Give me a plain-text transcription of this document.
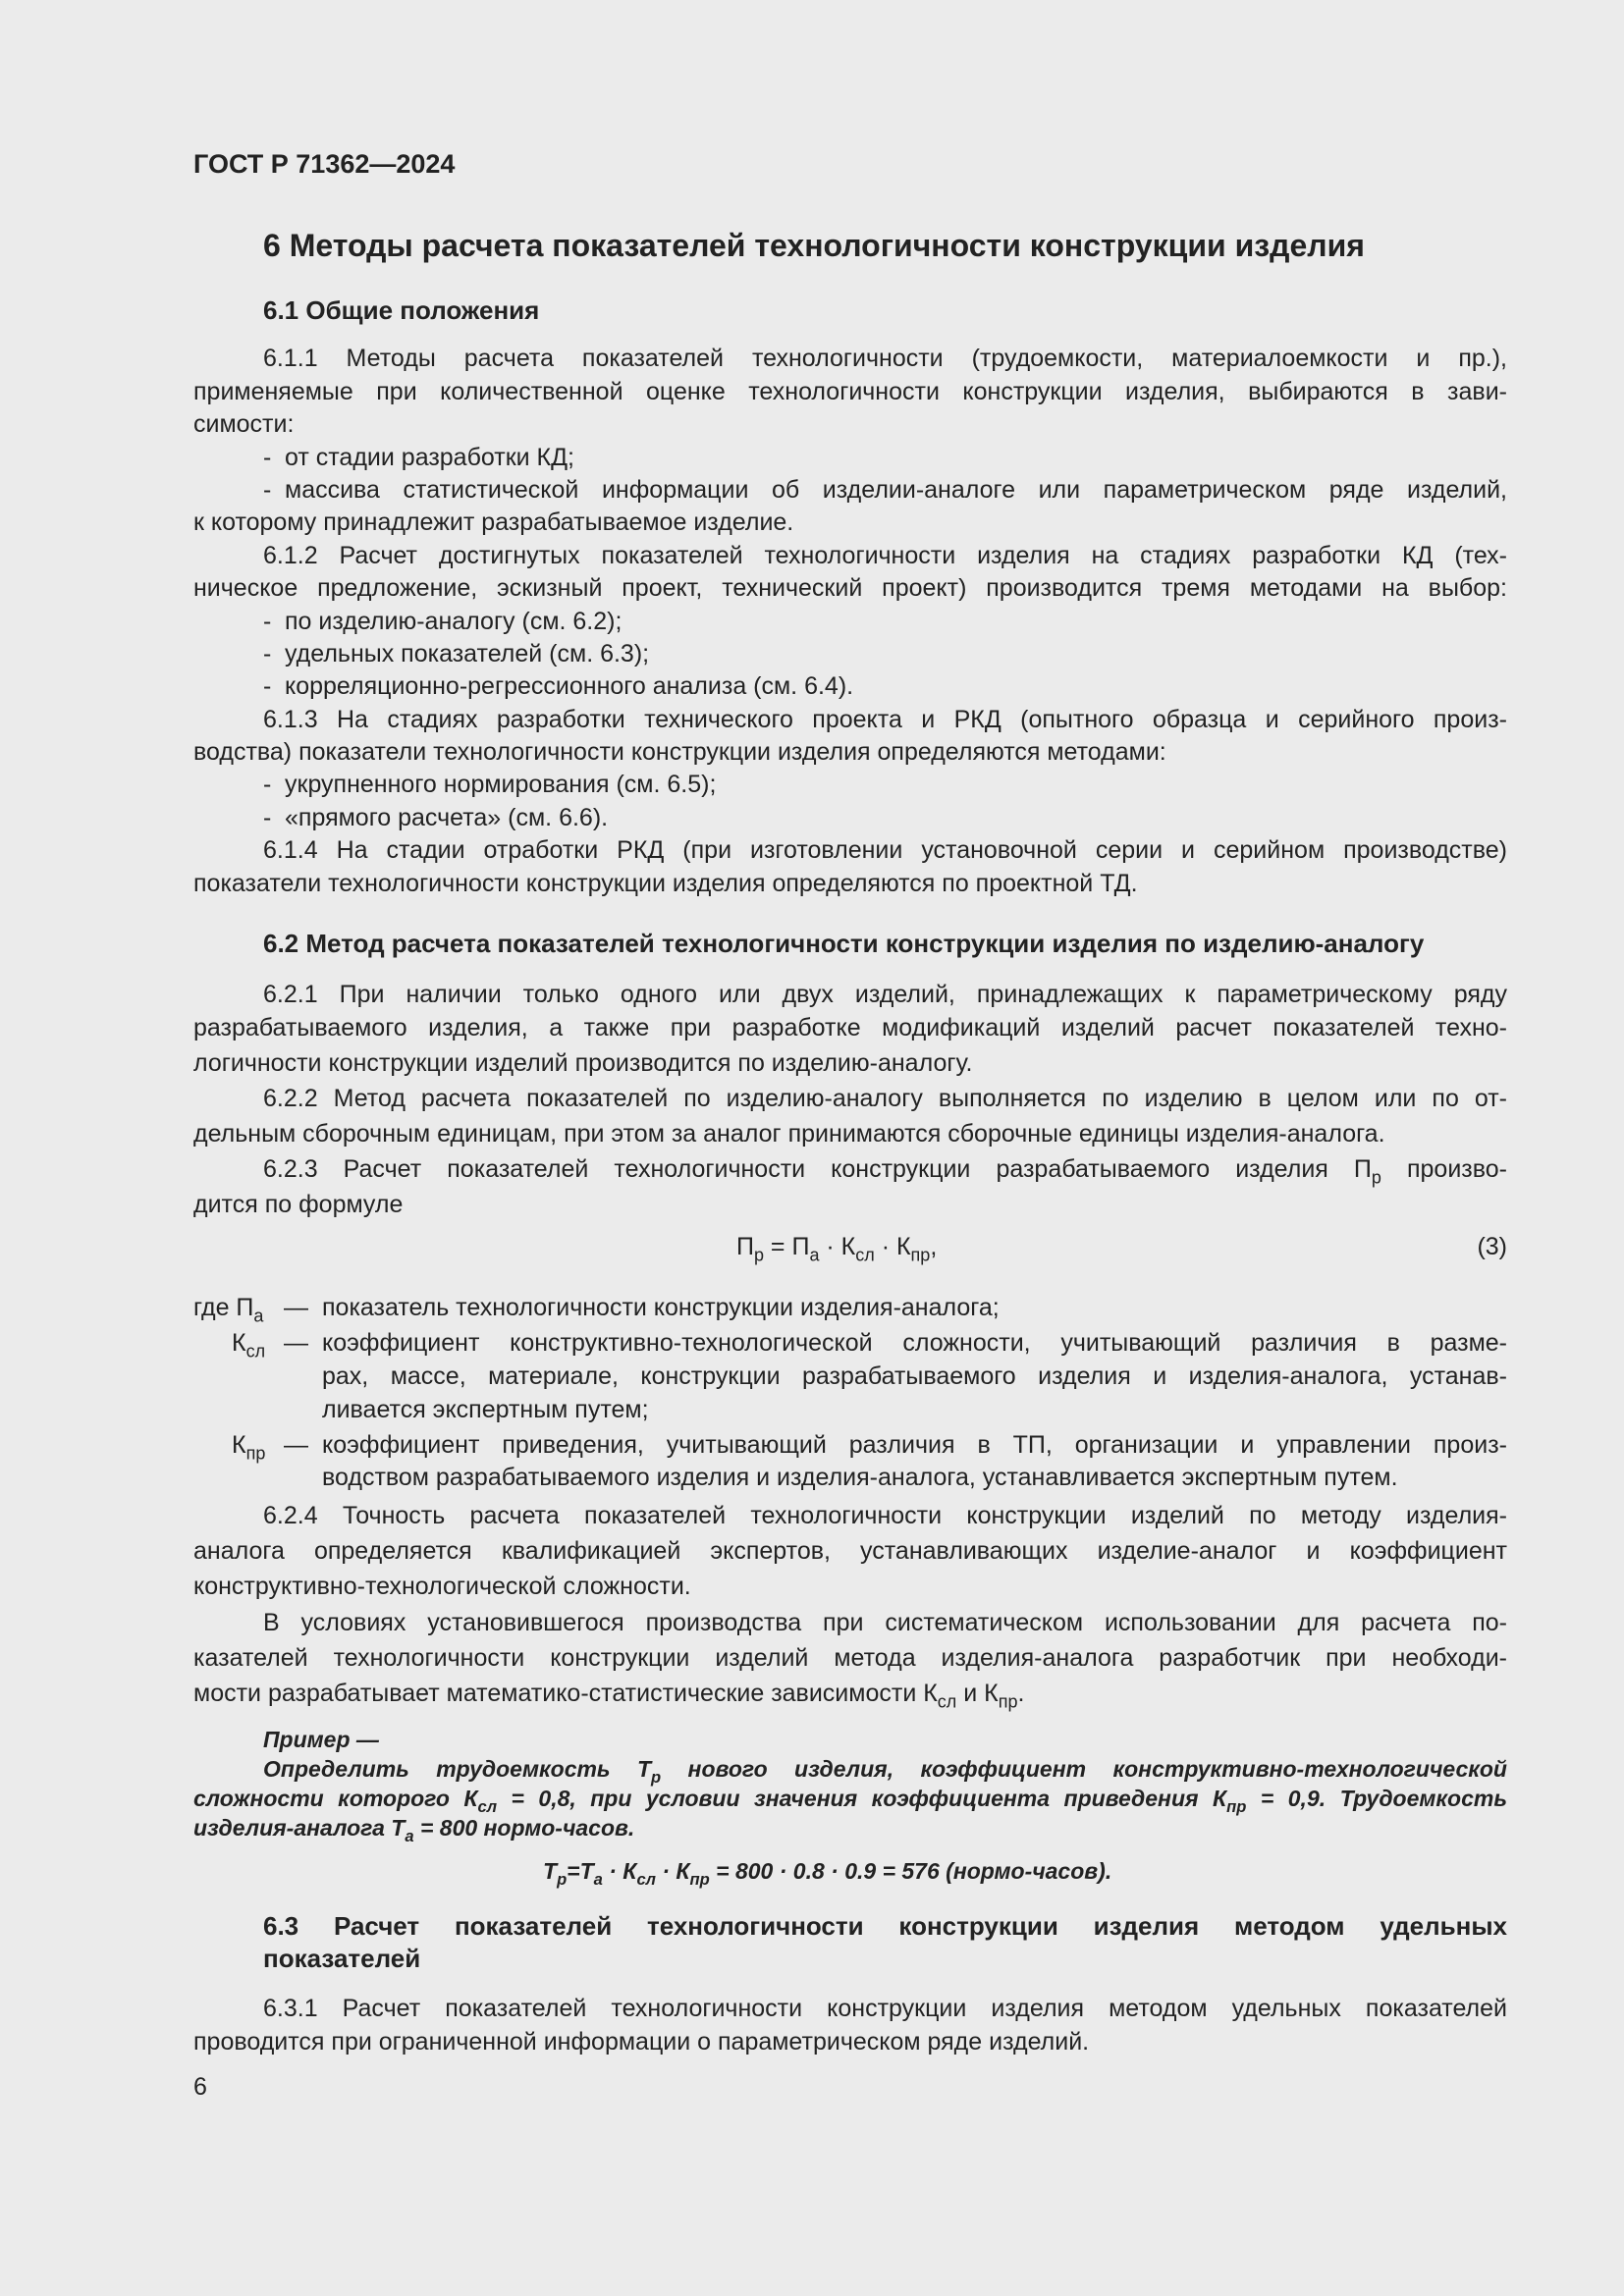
ГОСТ Р 71362—2024
6 Методы расчета показателей технологичности конструкции изделия
6.1 Общие положения
6.1.1 Методы расчета показателей технологичности (трудоемкости, материалоемкости и пр.),
применяемые при количественной оценке технологичности конструкции изделия, выбираются в зави-
симости:
- от стадии разработки КД;
- массива статистической информации об изделии-аналоге или параметрическом ряде изделий,
к которому принадлежит разрабатываемое изделие.
6.1.2 Расчет достигнутых показателей технологичности изделия на стадиях разработки КД (тех-
ническое предложение, эскизный проект, технический проект) производится тремя методами на выбор:
- по изделию-аналогу (см. 6.2);
- удельных показателей (см. 6.3);
- корреляционно-регрессионного анализа (см. 6.4).
6.1.3 На стадиях разработки технического проекта и РКД (опытного образца и серийного произ-
водства) показатели технологичности конструкции изделия определяются методами:
- укрупненного нормирования (см. 6.5);
- «прямого расчета» (см. 6.6).
6.1.4 На стадии отработки РКД (при изготовлении установочной серии и серийном производстве)
показатели технологичности конструкции изделия определяются по проектной ТД.
6.2 Метод расчета показателей технологичности конструкции изделия по изделию-аналогу
6.2.1 При наличии только одного или двух изделий, принадлежащих к параметрическому ряду
разрабатываемого изделия, а также при разработке модификаций изделий расчет показателей техно-
логичности конструкции изделий производится по изделию-аналогу.
6.2.2 Метод расчета показателей по изделию-аналогу выполняется по изделию в целом или по от-
дельным сборочным единицам, при этом за аналог принимаются сборочные единицы изделия-аналога.
6.2.3 Расчет показателей технологичности конструкции разрабатываемого изделия $П_р$ произво-
дится по формуле
$П_р = П_а \cdot К_{сл} \cdot К_{пр}$,	(3)
где $П_а$ — показатель технологичности конструкции изделия-аналога;
$К_{сл}$ — коэффициент конструктивно-технологической сложности, учитывающий различия в разме-
рах, массе, материале, конструкции разрабатываемого изделия и изделия-аналога, устанав-
ливается экспертным путем;
$К_{пр}$ — коэффициент приведения, учитывающий различия в ТП, организации и управлении произ-
водством разрабатываемого изделия и изделия-аналога, устанавливается экспертным путем.
6.2.4 Точность расчета показателей технологичности конструкции изделий по методу изделия-
аналога определяется квалификацией экспертов, устанавливающих изделие-аналог и коэффициент
конструктивно-технологической сложности.
В условиях установившегося производства при систематическом использовании для расчета по-
казателей технологичности конструкции изделий метода изделия-аналога разработчик при необходи-
мости разрабатывает математико-статистические зависимости $К_{сл}$ и $К_{пр}$.
Пример —
Определить трудоемкость $T_р$ нового изделия, коэффициент конструктивно-технологической
сложности которого $К_{сл} = 0,8$, при условии значения коэффициента приведения $К_{пр} = 0,9$. Трудоемкость
изделия-аналога $T_а = 800$ нормо-часов.
$T_р=T_а \cdot К_{сл} \cdot К_{пр} = 800 \cdot 0.8 \cdot 0.9 = 576$ (нормо-часов).
6.3 Расчет показателей технологичности конструкции изделия методом удельных
показателей
6.3.1 Расчет показателей технологичности конструкции изделия методом удельных показателей
проводится при ограниченной информации о параметрическом ряде изделий.
6
